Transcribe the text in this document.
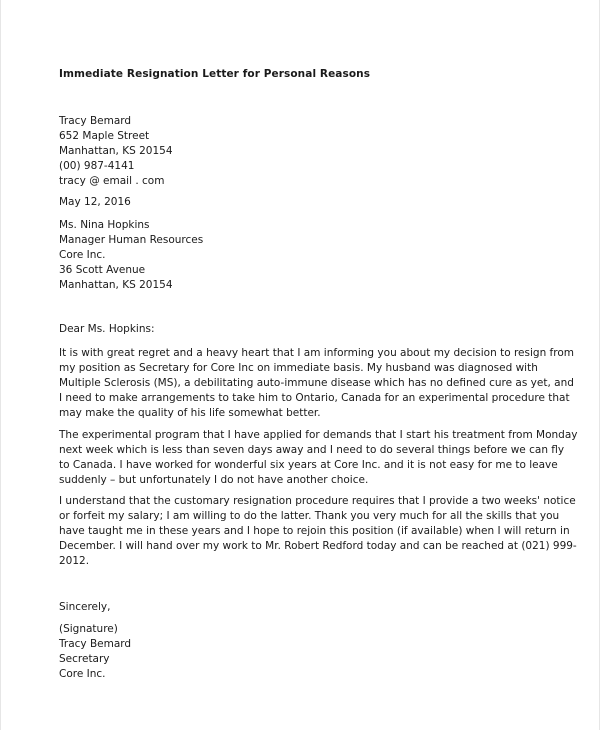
Immediate Resignation Letter for Personal Reasons
Tracy Bemard
652 Maple Street
Manhattan, KS 20154
(00) 987-4141
tracy @ email . com
May 12, 2016
Ms. Nina Hopkins
Manager Human Resources
Core Inc.
36 Scott Avenue
Manhattan, KS 20154
Dear Ms. Hopkins:
It is with great regret and a heavy heart that I am informing you about my decision to resign from
my position as Secretary for Core Inc on immediate basis. My husband was diagnosed with
Multiple Sclerosis (MS), a debilitating auto-immune disease which has no defined cure as yet, and
I need to make arrangements to take him to Ontario, Canada for an experimental procedure that
may make the quality of his life somewhat better.
The experimental program that I have applied for demands that I start his treatment from Monday
next week which is less than seven days away and I need to do several things before we can fly
to Canada. I have worked for wonderful six years at Core Inc. and it is not easy for me to leave
suddenly – but unfortunately I do not have another choice.
I understand that the customary resignation procedure requires that I provide a two weeks' notice
or forfeit my salary; I am willing to do the latter. Thank you very much for all the skills that you
have taught me in these years and I hope to rejoin this position (if available) when I will return in
December. I will hand over my work to Mr. Robert Redford today and can be reached at (021) 999-
2012.
Sincerely,
(Signature)
Tracy Bemard
Secretary
Core Inc.
